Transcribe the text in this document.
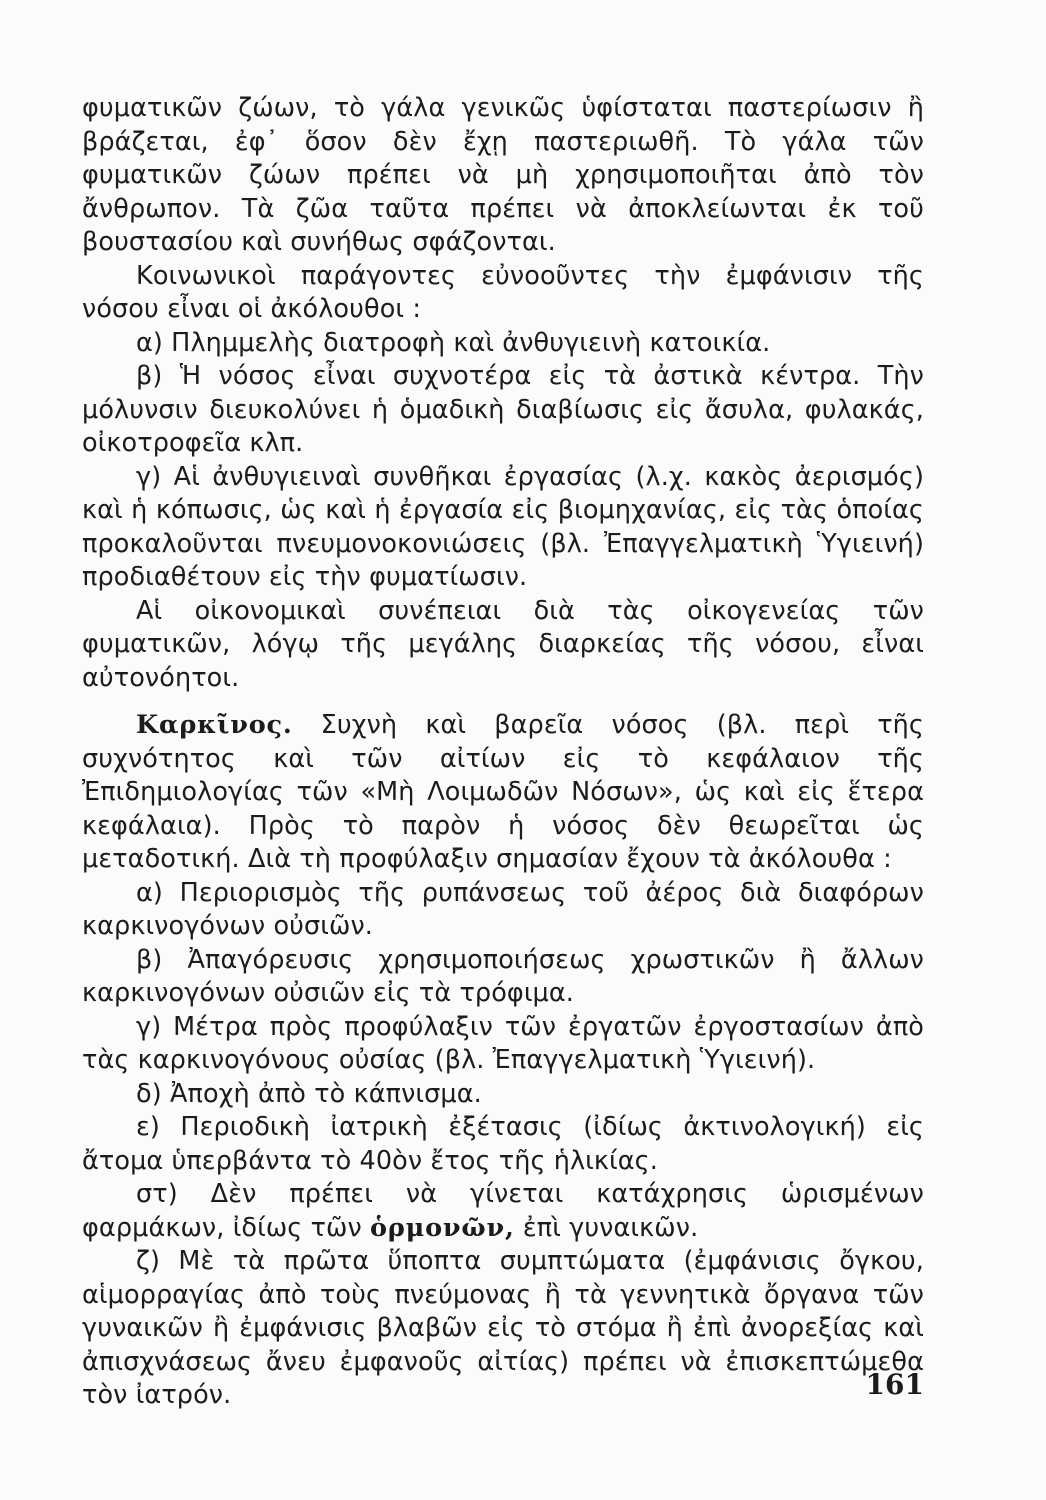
φυματικῶν ζώων, τὸ γάλα γενικῶς ὑφίσταται παστερίωσιν ἢ βράζεται, ἐφ᾽ ὅσον δὲν ἔχῃ παστεριωθῆ. Τὸ γάλα τῶν φυματικῶν ζώων πρέπει νὰ μὴ χρησιμοποιῆται ἀπὸ τὸν ἄνθρωπον. Τὰ ζῶα ταῦτα πρέπει νὰ ἀποκλείωνται ἐκ τοῦ βουστασίου καὶ συνήθως σφάζονται.

Κοινωνικοὶ παράγοντες εὐνοοῦντες τὴν ἐμφάνισιν τῆς νόσου εἶναι οἱ ἀκόλουθοι :

α) Πλημμελὴς διατροφὴ καὶ ἀνθυγιεινὴ κατοικία.

β) Ἡ νόσος εἶναι συχνοτέρα εἰς τὰ ἀστικὰ κέντρα. Τὴν μόλυνσιν διευκολύνει ἡ ὁμαδικὴ διαβίωσις εἰς ἄσυλα, φυλακάς, οἰκοτροφεῖα κλπ.

γ) Αἱ ἀνθυγιειναὶ συνθῆκαι ἐργασίας (λ.χ. κακὸς ἀερισμός) καὶ ἡ κόπωσις, ὡς καὶ ἡ ἐργασία εἰς βιομηχανίας, εἰς τὰς ὁποίας προκαλοῦνται πνευμονοκονιώσεις (βλ. Ἐπαγγελματικὴ Ὑγιεινή) προδιαθέτουν εἰς τὴν φυματίωσιν.

Αἱ οἰκονομικαὶ συνέπειαι διὰ τὰς οἰκογενείας τῶν φυματικῶν, λόγῳ τῆς μεγάλης διαρκείας τῆς νόσου, εἶναι αὐτονόητοι.

Καρκῖνος. Συχνὴ καὶ βαρεῖα νόσος (βλ. περὶ τῆς συχνότητος καὶ τῶν αἰτίων εἰς τὸ κεφάλαιον τῆς Ἐπιδημιολογίας τῶν «Μὴ Λοιμωδῶν Νόσων», ὡς καὶ εἰς ἕτερα κεφάλαια). Πρὸς τὸ παρὸν ἡ νόσος δὲν θεωρεῖται ὡς μεταδοτική. Διὰ τὴ προφύλαξιν σημασίαν ἔχουν τὰ ἀκόλουθα :

α) Περιορισμὸς τῆς ρυπάνσεως τοῦ ἀέρος διὰ διαφόρων καρκινογόνων οὐσιῶν.

β) Ἀπαγόρευσις χρησιμοποιήσεως χρωστικῶν ἢ ἄλλων καρκινογόνων οὐσιῶν εἰς τὰ τρόφιμα.

γ) Μέτρα πρὸς προφύλαξιν τῶν ἐργατῶν ἐργοστασίων ἀπὸ τὰς καρκινογόνους οὐσίας (βλ. Ἐπαγγελματικὴ Ὑγιεινή).

δ) Ἀποχὴ ἀπὸ τὸ κάπνισμα.

ε) Περιοδικὴ ἰατρικὴ ἐξέτασις (ἰδίως ἀκτινολογική) εἰς ἄτομα ὑπερβάντα τὸ 40ὸν ἔτος τῆς ἡλικίας.

στ) Δὲν πρέπει νὰ γίνεται κατάχρησις ὡρισμένων φαρμάκων, ἰδίως τῶν ὁρμονῶν, ἐπὶ γυναικῶν.

ζ) Μὲ τὰ πρῶτα ὕποπτα συμπτώματα (ἐμφάνισις ὄγκου, αἱμορραγίας ἀπὸ τοὺς πνεύμονας ἢ τὰ γεννητικὰ ὄργανα τῶν γυναικῶν ἢ ἐμφάνισις βλαβῶν εἰς τὸ στόμα ἢ ἐπὶ ἀνορεξίας καὶ ἀπισχνάσεως ἄνευ ἐμφανοῦς αἰτίας) πρέπει νὰ ἐπισκεπτώμεθα τὸν ἰατρόν.	161
